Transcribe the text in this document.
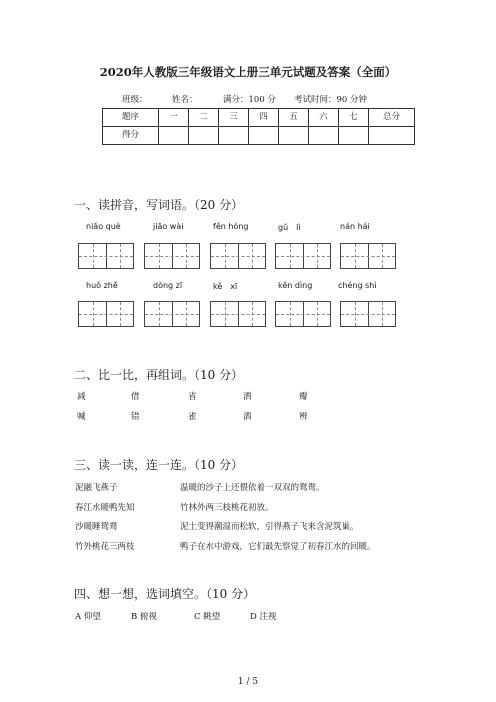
2020年人教版三年级语文上册三单元试题及答案（全面）
班级：	姓名：	满分：100 分 考试时间：90 分钟
题序	一	二	三	四	五	六	七	总分
得分								
一、读拼音，写词语。（20 分）
niǎo què	jiāo wài	fěn hóng	gǔ　lì	nán hái
huǒ zhě	dòng zī	kě　xī	kěn dìng	chéng shì
二、比一比，再组词。（10 分）
减	借	省	洒	瓣
喊	错	雀	酒	辨
三、读一读，连一连。（10 分）
泥融飞燕子
春江水暖鸭先知
沙暖睡鸳鸯
竹外桃花三两枝
温暖的沙子上还偎依着一双双的鸳鸯。
竹林外两三枝桃花初放。
泥土变得潮湿而松软，引得燕子飞来含泥筑巢。
鸭子在水中游戏，它们最先察觉了初春江水的回暖。
四、想一想，选词填空。（10 分）
A 仰望	B 俯视	C 眺望	D 注视
1 / 5
